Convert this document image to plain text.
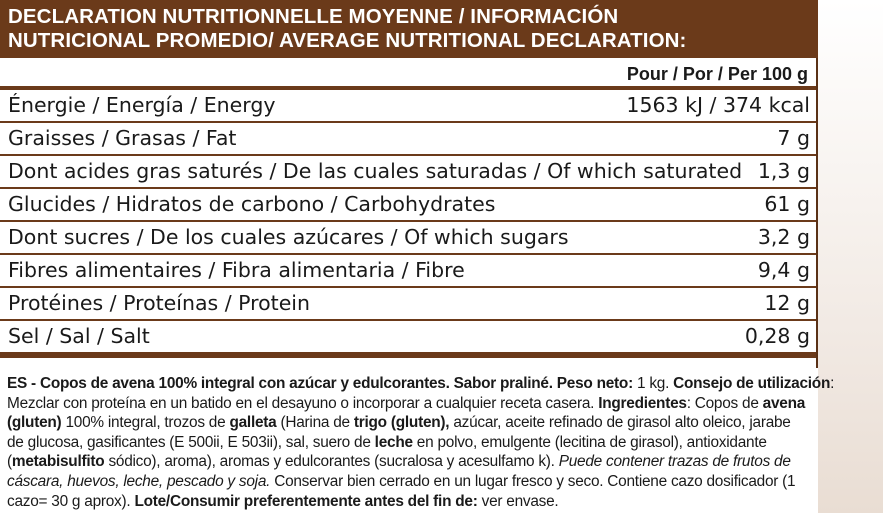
DECLARATION NUTRITIONNELLE MOYENNE / INFORMACIÓN
NUTRICIONAL PROMEDIO/ AVERAGE NUTRITIONAL DECLARATION:
Pour / Por / Per 100 g
Énergie / Energía / Energy	1563 kJ / 374 kcal
Graisses / Grasas / Fat	7 g
Dont acides gras saturés / De las cuales saturadas / Of which saturated 1,3 g
Glucides / Hidratos de carbono / Carbohydrates	61 g
Dont sucres / De los cuales azúcares / Of which sugars	3,2 g
Fibres alimentaires / Fibra alimentaria / Fibre	9,4 g
Protéines / Proteínas / Protein	12 g
Sel / Sal / Salt	0,28 g
ES - Copos de avena 100% integral con azúcar y edulcorantes. Sabor praliné. Peso neto: 1 kg. Consejo de utilización:
Mezclar con proteína en un batido en el desayuno o incorporar a cualquier receta casera. Ingredientes: Copos de avena
(gluten) 100% integral, trozos de galleta (Harina de trigo (gluten), azúcar, aceite refinado de girasol alto oleico, jarabe
de glucosa, gasificantes (E 500ii, E 503ii), sal, suero de leche en polvo, emulgente (lecitina de girasol), antioxidante
(metabisulfito sódico), aroma), aromas y edulcorantes (sucralosa y acesulfamo k). Puede contener trazas de frutos de
cáscara, huevos, leche, pescado y soja. Conservar bien cerrado en un lugar fresco y seco. Contiene cazo dosificador (1
cazo= 30 g aprox). Lote/Consumir preferentemente antes del fin de: ver envase.
